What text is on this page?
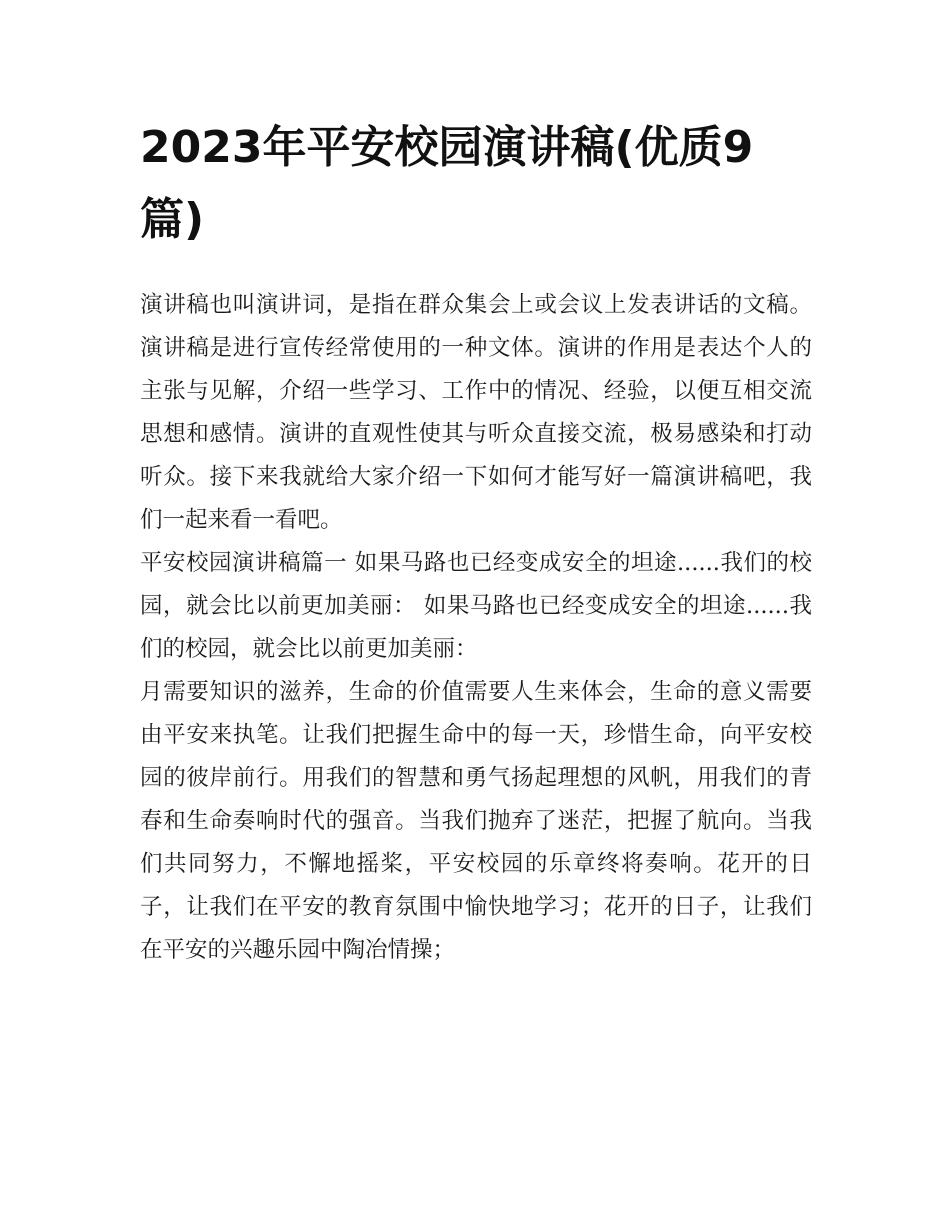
2023年平安校园演讲稿(优质9篇)

演讲稿也叫演讲词，是指在群众集会上或会议上发表讲话的文稿。演讲稿是进行宣传经常使用的一种文体。演讲的作用是表达个人的主张与见解，介绍一些学习、工作中的情况、经验，以便互相交流思想和感情。演讲的直观性使其与听众直接交流，极易感染和打动听众。接下来我就给大家介绍一下如何才能写好一篇演讲稿吧，我们一起来看一看吧。

平安校园演讲稿篇一 如果马路也已经变成安全的坦途......我们的校园，就会比以前更加美丽： 如果马路也已经变成安全的坦途......我们的校园，就会比以前更加美丽：

月需要知识的滋养，生命的价值需要人生来体会，生命的意义需要由平安来执笔。让我们把握生命中的每一天，珍惜生命，向平安校园的彼岸前行。用我们的智慧和勇气扬起理想的风帆，用我们的青春和生命奏响时代的强音。当我们抛弃了迷茫，把握了航向。当我们共同努力，不懈地摇桨，平安校园的乐章终将奏响。花开的日子，让我们在平安的教育氛围中愉快地学习；花开的日子，让我们在平安的兴趣乐园中陶冶情操；
